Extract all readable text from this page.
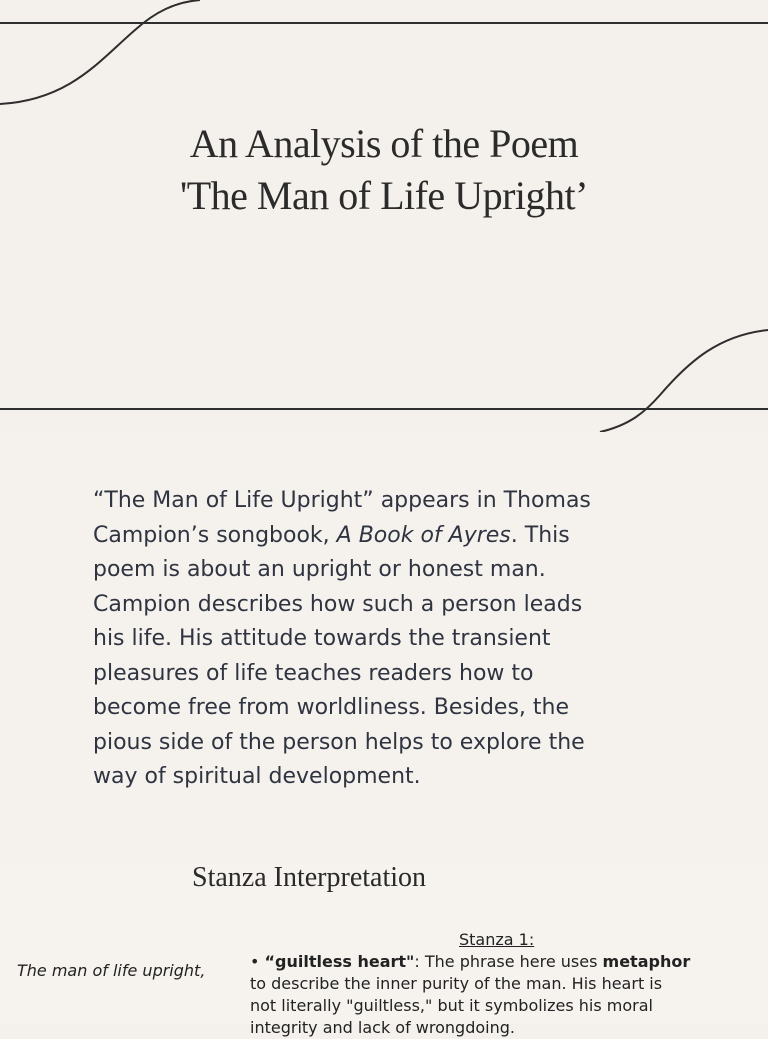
An Analysis of the Poem
'The Man of Life Upright’
“The Man of Life Upright” appears in Thomas
Campion’s songbook, A Book of Ayres. This
poem is about an upright or honest man.
Campion describes how such a person leads
his life. His attitude towards the transient
pleasures of life teaches readers how to
become free from worldliness. Besides, the
pious side of the person helps to explore the
way of spiritual development.
Stanza Interpretation
Stanza 1:
The man of life upright,	• “guiltless heart": The phrase here uses metaphor
to describe the inner purity of the man. His heart is
not literally "guiltless," but it symbolizes his moral
integrity and lack of wrongdoing.
